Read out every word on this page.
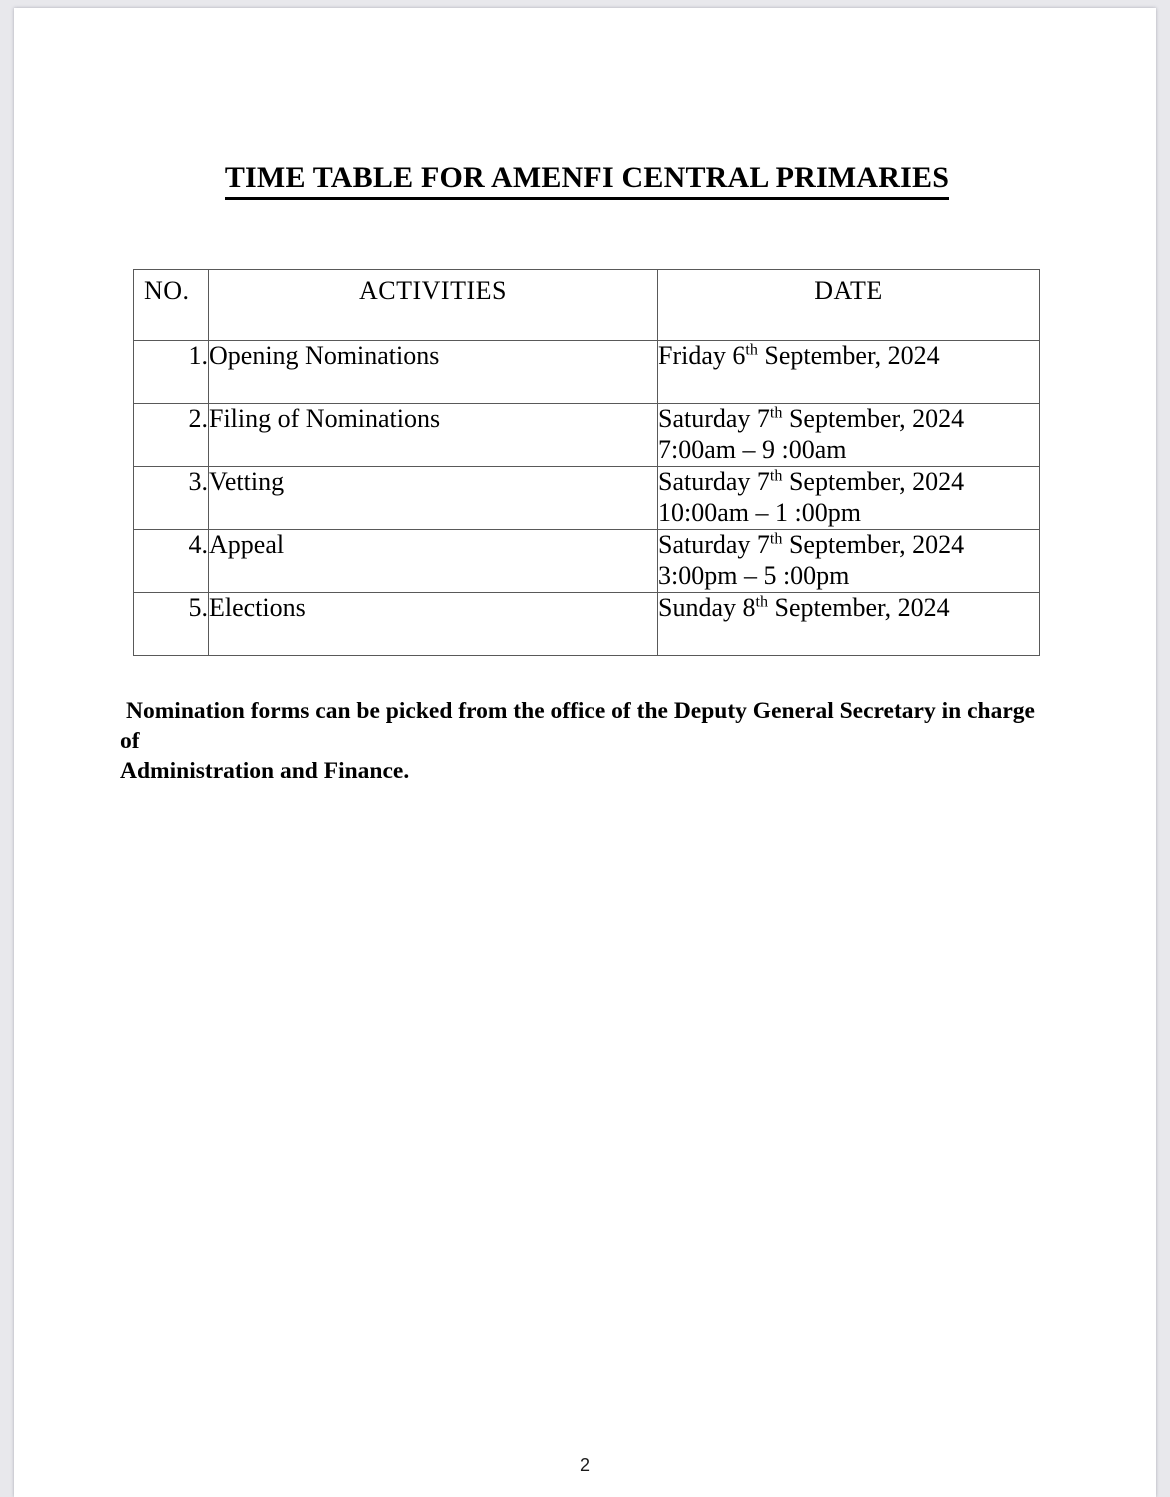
TIME TABLE FOR AMENFI CENTRAL PRIMARIES
NO.	ACTIVITIES	DATE
1.	Opening Nominations	Friday 6th September, 2024

2.	Filing of Nominations	Saturday 7th September, 2024
7:00am – 9 :00am

3.	Vetting	Saturday 7th September, 2024
10:00am – 1 :00pm

4.	Appeal	Saturday 7th September, 2024
3:00pm – 5 :00pm

5.	Elections	Sunday 8th September, 2024
Nomination forms can be picked from the office of the Deputy General Secretary in charge of
Administration and Finance.
2
